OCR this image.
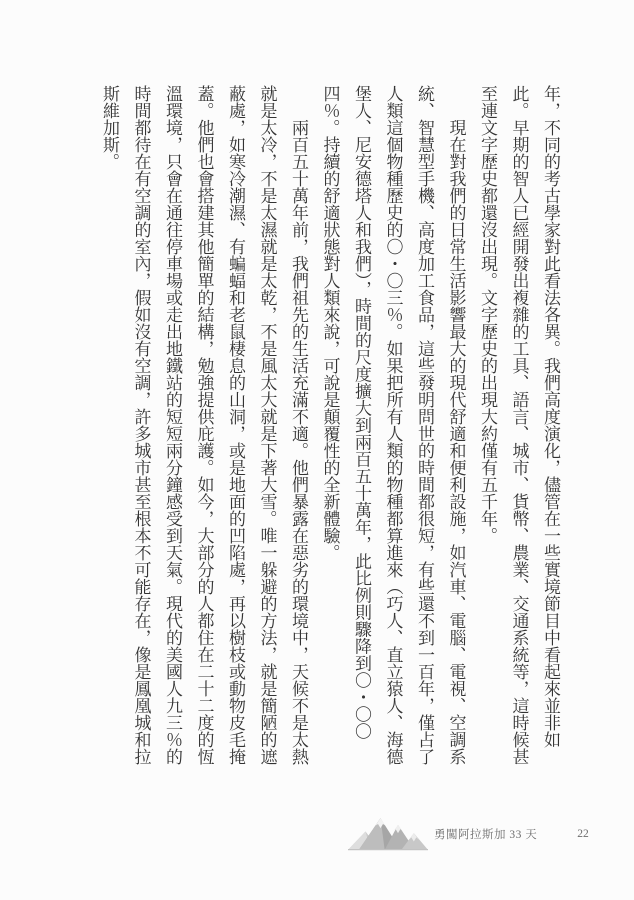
年，不同的考古學家對此看法各異。我們高度演化，儘管在一些實境節目中看起來並非如此。早期的智人已經開發出複雜的工具、語言、城市、貨幣、農業、交通系統等，這時候甚至連文字歷史都還沒出現。文字歷史的出現大約僅有五千年。

現在對我們的日常生活影響最大的現代舒適和便利設施，如汽車、電腦、電視、空調系統、智慧型手機、高度加工食品，這些發明問世的時間都很短，有些還不到一百年，僅占了人類這個物種歷史的〇・〇三％。如果把所有人類的物種都算進來（巧人、直立猿人、海德堡人、尼安德塔人和我們），時間的尺度擴大到兩百五十萬年，此比例則驟降到〇・〇〇四％。持續的舒適狀態對人類來說，可說是顛覆性的全新體驗。

兩百五十萬年前，我們祖先的生活充滿不適。他們暴露在惡劣的環境中，天候不是太熱就是太冷，不是太濕就是太乾，不是風太大就是下著大雪。唯一躲避的方法，就是簡陋的遮蔽處，如寒冷潮濕、有蝙蝠和老鼠棲息的山洞，或是地面的凹陷處，再以樹枝或動物皮毛掩蓋。他們也會搭建其他簡單的結構，勉強提供庇護。如今，大部分的人都住在二十二度的恆溫環境，只會在通往停車場或走出地鐵站的短短兩分鐘感受到天氣。現代的美國人九三％的時間都待在有空調的室內，假如沒有空調，許多城市甚至根本不可能存在，像是鳳凰城和拉斯維加斯。

勇闖阿拉斯加 33 天	22
